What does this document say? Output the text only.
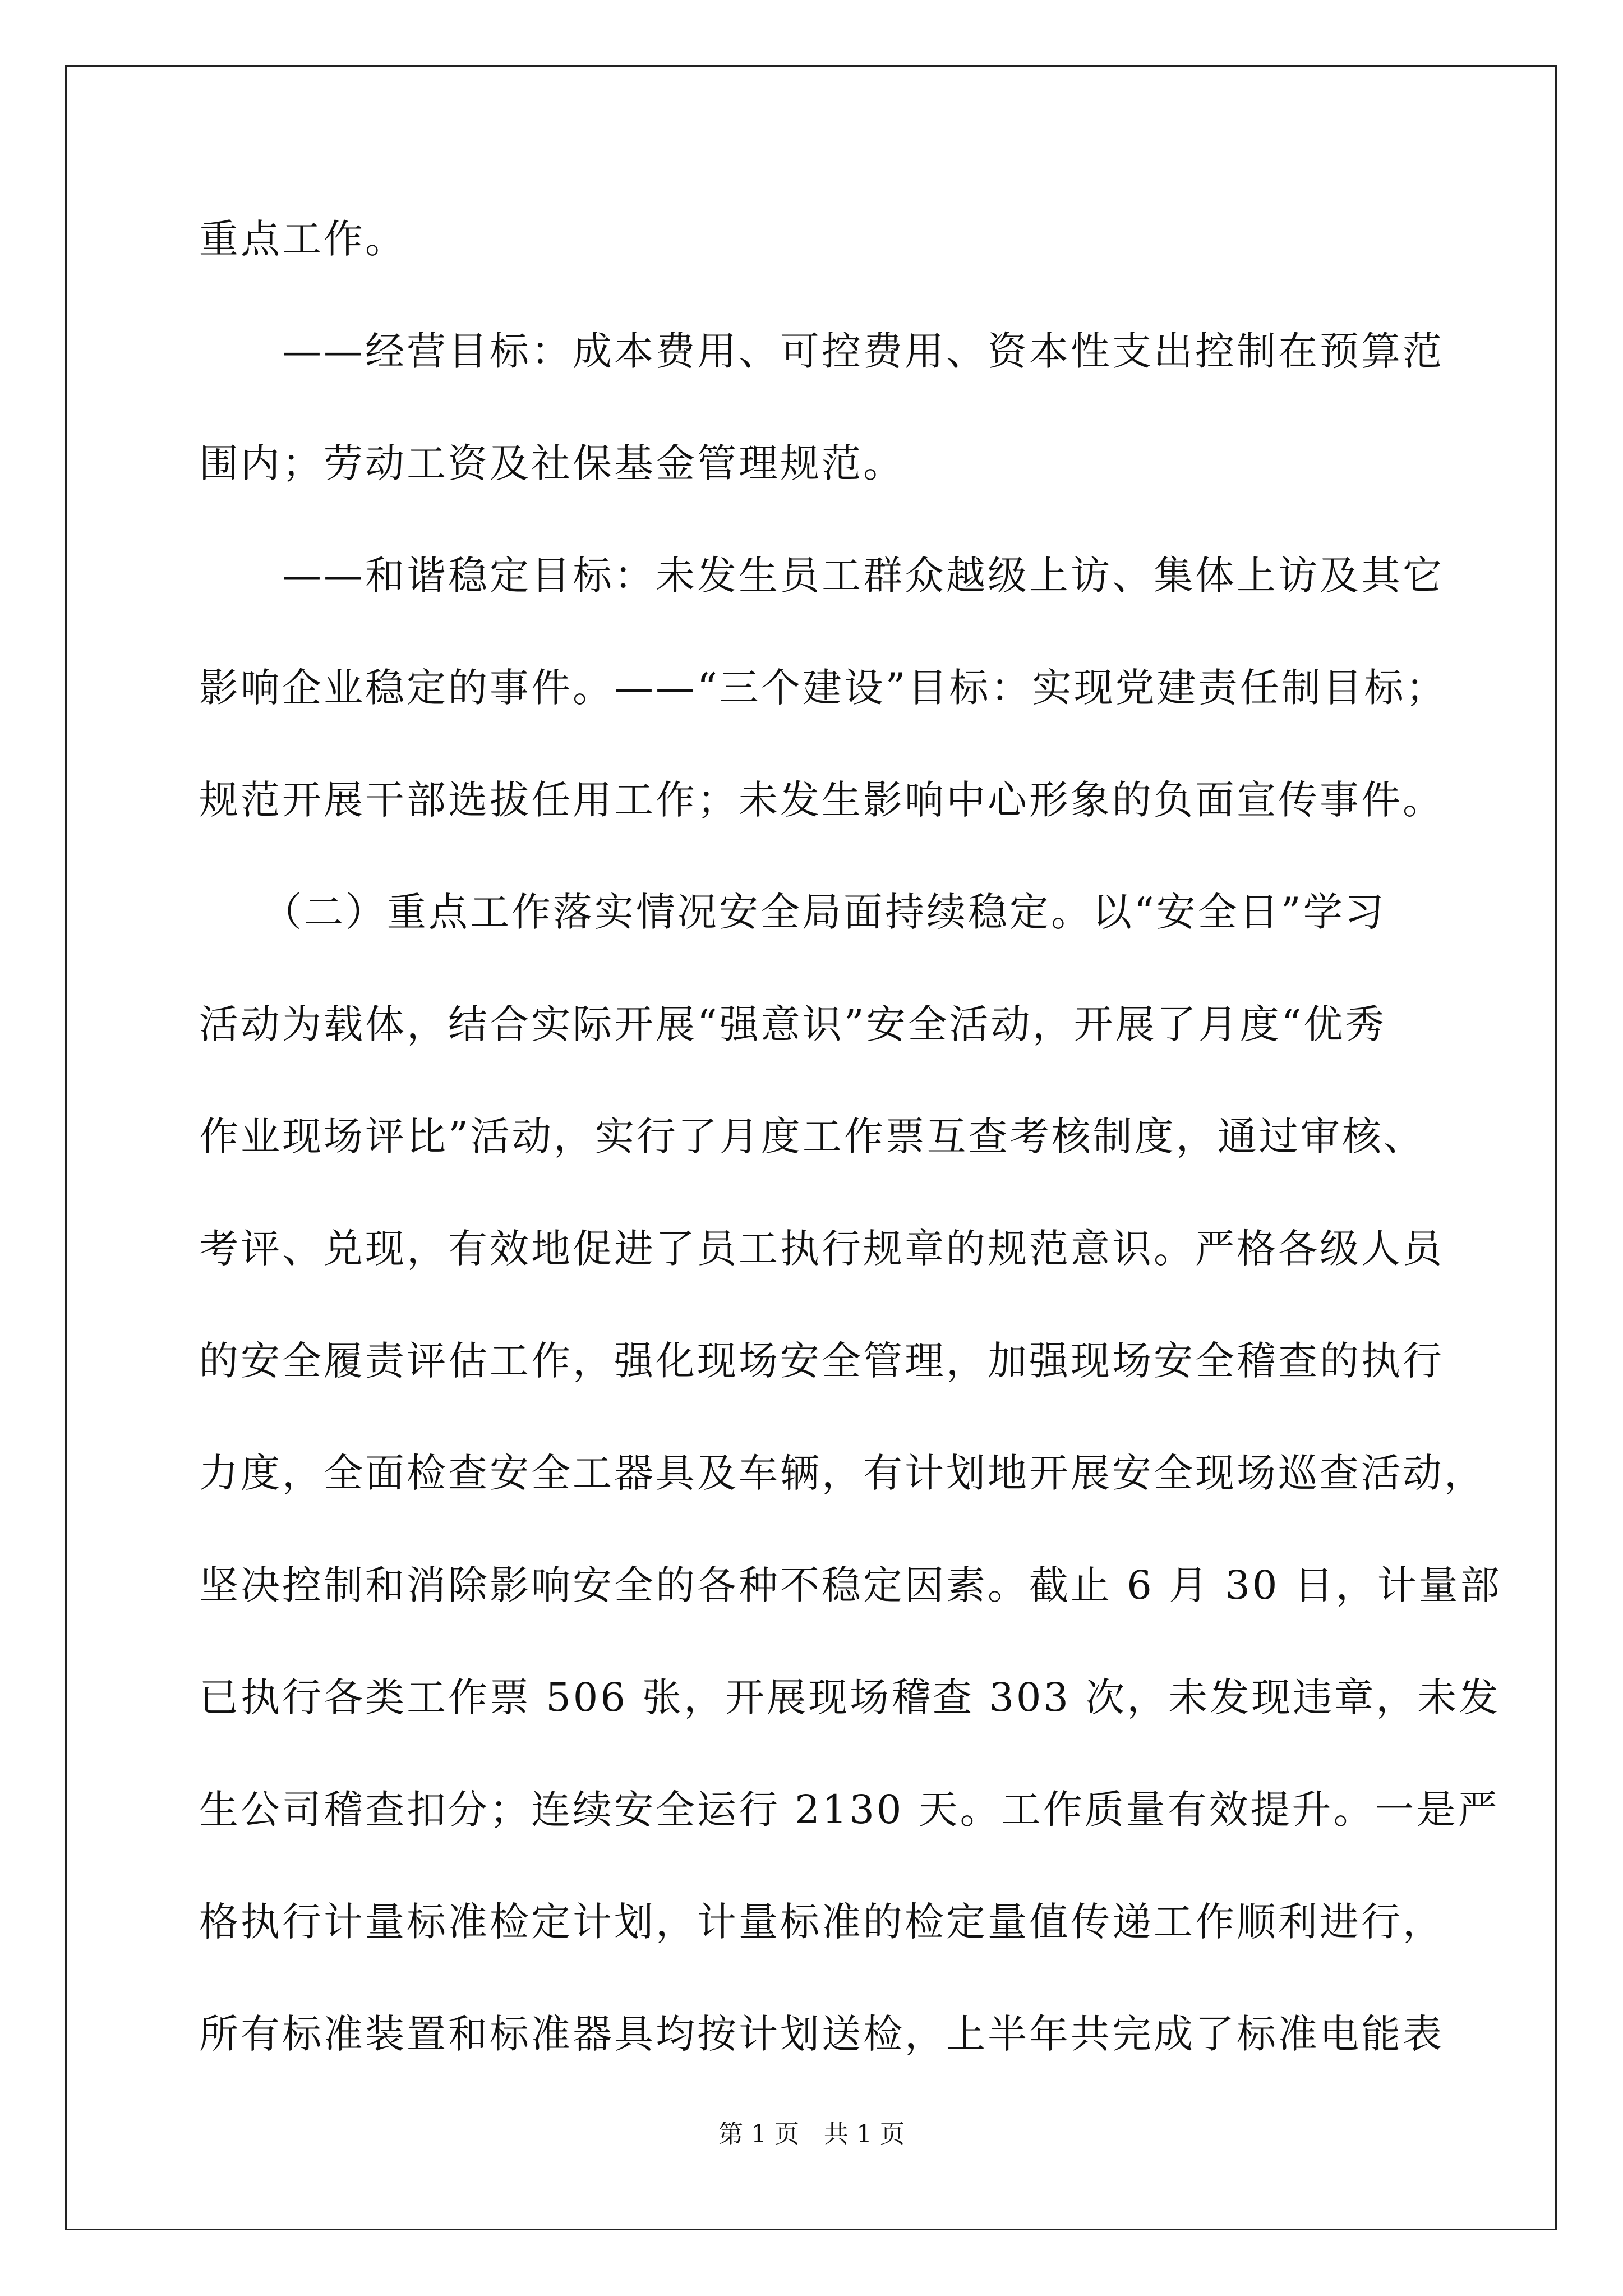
重点工作。
　　——经营目标：成本费用、可控费用、资本性支出控制在预算范
围内；劳动工资及社保基金管理规范。
　　——和谐稳定目标：未发生员工群众越级上访、集体上访及其它
影响企业稳定的事件。——“三个建设”目标：实现党建责任制目标；
规范开展干部选拔任用工作；未发生影响中心形象的负面宣传事件。
　　（二）重点工作落实情况安全局面持续稳定。以“安全日”学习
活动为载体，结合实际开展“强意识”安全活动，开展了月度“优秀
作业现场评比”活动，实行了月度工作票互查考核制度，通过审核、
考评、兑现，有效地促进了员工执行规章的规范意识。严格各级人员
的安全履责评估工作，强化现场安全管理，加强现场安全稽查的执行
力度，全面检查安全工器具及车辆，有计划地开展安全现场巡查活动，
坚决控制和消除影响安全的各种不稳定因素。截止 6 月 30 日，计量部
已执行各类工作票 506 张，开展现场稽查 303 次，未发现违章，未发
生公司稽查扣分；连续安全运行 2130 天。工作质量有效提升。一是严
格执行计量标准检定计划，计量标准的检定量值传递工作顺利进行，
所有标准装置和标准器具均按计划送检，上半年共完成了标准电能表
第 1 页　共 1 页
